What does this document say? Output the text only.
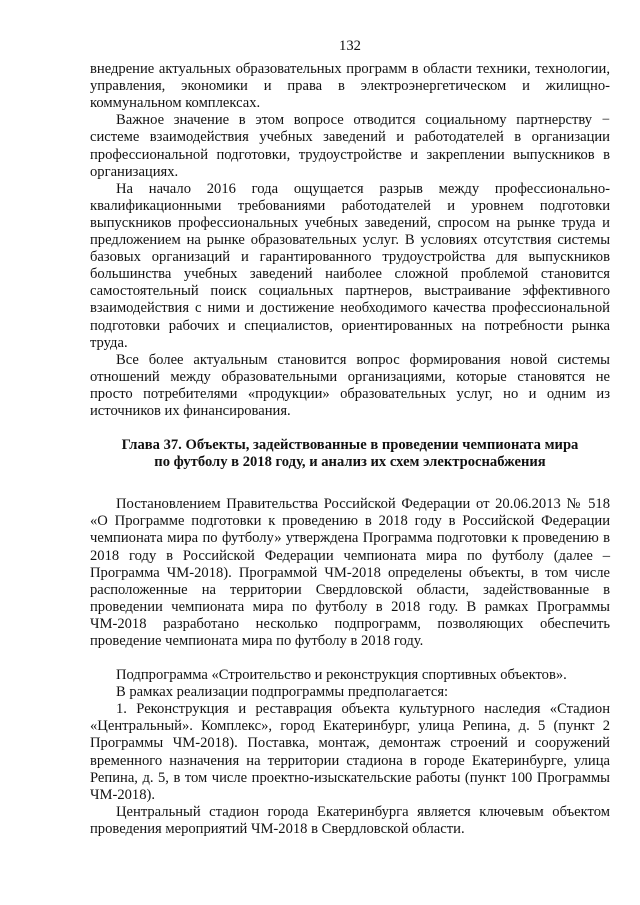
132

внедрение актуальных образовательных программ в области техники, технологии, управления, экономики и права в электроэнергетическом и жилищно-коммунальном комплексах.

Важное значение в этом вопросе отводится социальному партнерству − системе взаимодействия учебных заведений и работодателей в организации профессиональной подготовки, трудоустройстве и закреплении выпускников в организациях.

На начало 2016 года ощущается разрыв между профессионально-квалификационными требованиями работодателей и уровнем подготовки выпускников профессиональных учебных заведений, спросом на рынке труда и предложением на рынке образовательных услуг. В условиях отсутствия системы базовых организаций и гарантированного трудоустройства для выпускников большинства учебных заведений наиболее сложной проблемой становится самостоятельный поиск социальных партнеров, выстраивание эффективного взаимодействия с ними и достижение необходимого качества профессиональной подготовки рабочих и специалистов, ориентированных на потребности рынка труда.

Все более актуальным становится вопрос формирования новой системы отношений между образовательными организациями, которые становятся не просто потребителями «продукции» образовательных услуг, но и одним из источников их финансирования.

Глава 37. Объекты, задействованные в проведении чемпионата мира
по футболу в 2018 году, и анализ их схем электроснабжения

Постановлением Правительства Российской Федерации от 20.06.2013 № 518 «О Программе подготовки к проведению в 2018 году в Российской Федерации чемпионата мира по футболу» утверждена Программа подготовки к проведению в 2018 году в Российской Федерации чемпионата мира по футболу (далее – Программа ЧМ-2018). Программой ЧМ-2018 определены объекты, в том числе расположенные на территории Свердловской области, задействованные в проведении чемпионата мира по футболу в 2018 году. В рамках Программы ЧМ-2018 разработано несколько подпрограмм, позволяющих обеспечить проведение чемпионата мира по футболу в 2018 году.

Подпрограмма «Строительство и реконструкция спортивных объектов».

В рамках реализации подпрограммы предполагается:

1. Реконструкция и реставрация объекта культурного наследия «Стадион «Центральный». Комплекс», город Екатеринбург, улица Репина, д. 5 (пункт 2 Программы ЧМ-2018). Поставка, монтаж, демонтаж строений и сооружений временного назначения на территории стадиона в городе Екатеринбурге, улица Репина, д. 5, в том числе проектно-изыскательские работы (пункт 100 Программы ЧМ-2018).

Центральный стадион города Екатеринбурга является ключевым объектом проведения мероприятий ЧМ-2018 в Свердловской области.
